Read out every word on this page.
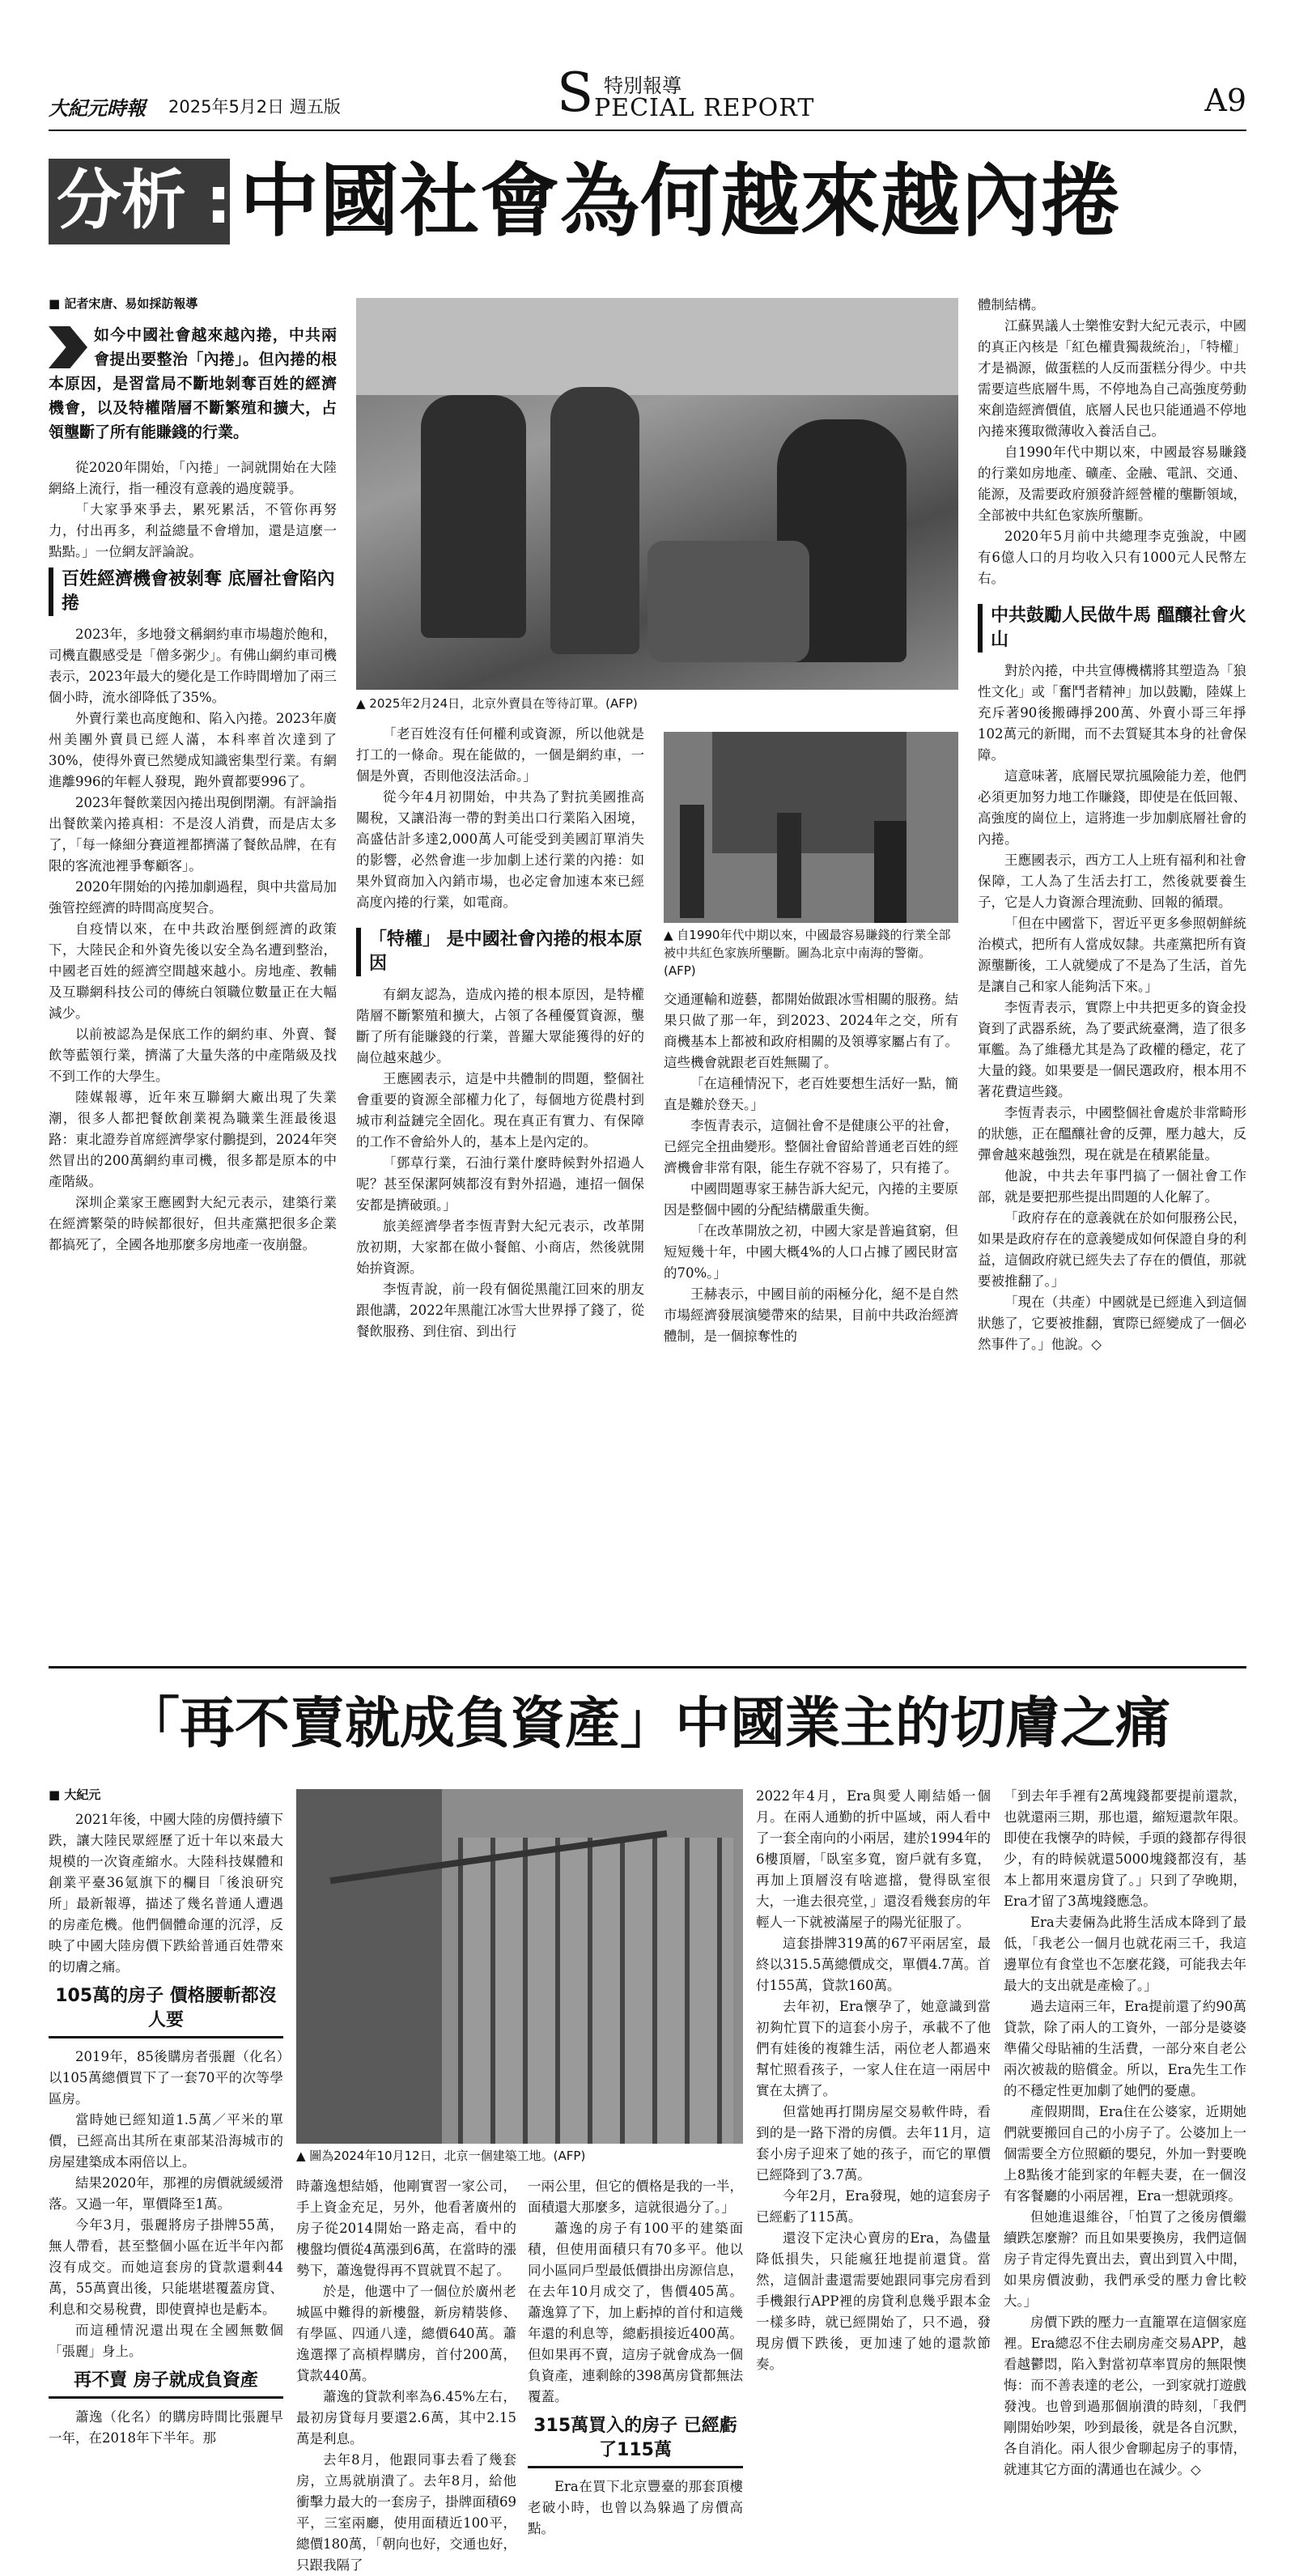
大紀元時報 2025年5月2日 週五版	S 特別報導
PECIAL REPORT	A9
分析 : 中國社會為何越來越內捲
■ 記者宋唐、易如採訪報導
如今中國社會越來越內捲，中共兩會提出要整治「內捲」。但內捲的根本原因，是習當局不斷地剝奪百姓的經濟機會，以及特權階層不斷繁殖和擴大，占領壟斷了所有能賺錢的行業。

從2020年開始，「內捲」一詞就開始在大陸網絡上流行，指一種沒有意義的過度競爭。

「大家爭來爭去，累死累活，不管你再努力，付出再多，利益總量不會增加，還是這麼一點點。」一位網友評論說。

百姓經濟機會被剝奪 底層社會陷內捲

2023年，多地發文稱網約車市場趨於飽和，司機直觀感受是「僧多粥少」。有佛山網約車司機表示，2023年最大的變化是工作時間增加了兩三個小時，流水卻降低了35%。

外賣行業也高度飽和、陷入內捲。2023年廣州美團外賣員已經人滿，本科率首次達到了30%，使得外賣已然變成知識密集型行業。有網進離996的年輕人發現，跑外賣都要996了。

2023年餐飲業因內捲出現倒閉潮。有評論指出餐飲業內捲真相：不是沒人消費，而是店太多了，「每一條細分賽道裡都擠滿了餐飲品牌，在有限的客流池裡爭奪顧客」。

2020年開始的內捲加劇過程，與中共當局加強管控經濟的時間高度契合。

自疫情以來，在中共政治壓倒經濟的政策下，大陸民企和外資先後以安全為名遭到整治，中國老百姓的經濟空間越來越小。房地產、教輔及互聯網科技公司的傳統白領職位數量正在大幅減少。

以前被認為是保底工作的網約車、外賣、餐飲等藍領行業，擠滿了大量失落的中產階級及找不到工作的大學生。

陸媒報導，近年來互聯網大廠出現了失業潮，很多人都把餐飲創業視為職業生涯最後退路：東北證券首席經濟學家付鵬提到，2024年突然冒出的200萬網約車司機，很多都是原本的中產階級。

深圳企業家王應國對大紀元表示，建築行業在經濟繁榮的時候都很好，但共產黨把很多企業都搞死了，全國各地那麼多房地產一夜崩盤。

▲ 2025年2月24日，北京外賣員在等待訂單。(AFP)

「老百姓沒有任何權利或資源，所以他就是打工的一條命。現在能做的，一個是網約車，一個是外賣，否則他沒法活命。」

從今年4月初開始，中共為了對抗美國推高關稅，又讓沿海一帶的對美出口行業陷入困境，高盛估計多達2,000萬人可能受到美國訂單消失的影響，必然會進一步加劇上述行業的內捲：如果外貿商加入內銷市場，也必定會加速本來已經高度內捲的行業，如電商。

「特權」 是中國社會內捲的根本原因

有網友認為，造成內捲的根本原因，是特權階層不斷繁殖和擴大，占領了各種優質資源，壟斷了所有能賺錢的行業，普羅大眾能獲得的好的崗位越來越少。

王應國表示，這是中共體制的問題，整個社會重要的資源全部權力化了，每個地方從農村到城市利益鏈完全固化。現在真正有實力、有保障的工作不會給外人的，基本上是內定的。

「鄧草行業，石油行業什麼時候對外招過人呢？甚至保潔阿姨都沒有對外招過，連招一個保安都是擠破頭。」

旅美經濟學者李恆青對大紀元表示，改革開放初期，大家都在做小餐館、小商店，然後就開始拚資源。

李恆青說，前一段有個從黑龍江回來的朋友跟他講，2022年黑龍江冰雪大世界掙了錢了，從餐飲服務、到住宿、到出行

▲ 自1990年代中期以來，中國最容易賺錢的行業全部被中共紅色家族所壟斷。圖為北京中南海的警衛。(AFP)

交通運輸和遊藝，都開始做跟冰雪相關的服務。結果只做了那一年，到2023、2024年之交，所有商機基本上都被和政府相關的及領導家屬占有了。這些機會就跟老百姓無關了。

「在這種情況下，老百姓要想生活好一點，簡直是難於登天。」

李恆青表示，這個社會不是健康公平的社會，已經完全扭曲變形。整個社會留給普通老百姓的經濟機會非常有限，能生存就不容易了，只有捲了。

中國問題專家王赫告訴大紀元，內捲的主要原因是整個中國的分配結構嚴重失衡。

「在改革開放之初，中國大家是普遍貧窮，但短短幾十年，中國大概4%的人口占據了國民財富的70%。」

王赫表示，中國目前的兩極分化，絕不是自然市場經濟發展演變帶來的結果，目前中共政治經濟體制，是一個掠奪性的

體制結構。

江蘇異議人士樂惟安對大紀元表示，中國的真正內核是「紅色權貴獨裁統治」，「特權」才是禍源，做蛋糕的人反而蛋糕分得少。中共需要這些底層牛馬，不停地為自己高強度勞動來創造經濟價值，底層人民也只能通過不停地內捲來獲取微薄收入養活自己。

自1990年代中期以來，中國最容易賺錢的行業如房地產、礦產、金融、電訊、交通、能源，及需要政府頒發許經營權的壟斷領域，全部被中共紅色家族所壟斷。

2020年5月前中共總理李克強說，中國有6億人口的月均收入只有1000元人民幣左右。

中共鼓勵人民做牛馬 醞釀社會火山

對於內捲，中共宣傳機構將其塑造為「狼性文化」或「奮鬥者精神」加以鼓勵，陸媒上充斥著90後搬磚掙200萬、外賣小哥三年掙102萬元的新聞，而不去質疑其本身的社會保障。

這意味著，底層民眾抗風險能力差，他們必須更加努力地工作賺錢，即使是在低回報、高強度的崗位上，這將進一步加劇底層社會的內捲。

王應國表示，西方工人上班有福利和社會保障，工人為了生活去打工，然後就要養生子，它是人力資源合理流動、回報的循環。

「但在中國當下，習近平更多參照朝鮮統治模式，把所有人當成奴隸。共產黨把所有資源壟斷後，工人就變成了不是為了生活，首先是讓自己和家人能夠活下來。」

李恆青表示，實際上中共把更多的資金投資到了武器系統，為了要武統臺灣，造了很多軍艦。為了維穩尤其是為了政權的穩定，花了大量的錢。如果要是一個民選政府，根本用不著花費這些錢。

李恆青表示，中國整個社會處於非常畸形的狀態，正在醞釀社會的反彈，壓力越大，反彈會越來越強烈，現在就是在積累能量。

他說，中共去年事門搞了一個社會工作部，就是要把那些提出問題的人化解了。

「政府存在的意義就在於如何服務公民，如果是政府存在的意義變成如何保證自身的利益，這個政府就已經失去了存在的價值，那就要被推翻了。」

「現在（共產）中國就是已經進入到這個狀態了，它要被推翻，實際已經變成了一個必然事件了。」他說。◇

「再不賣就成負資產」中國業主的切膚之痛
■ 大紀元

2021年後，中國大陸的房價持續下跌，讓大陸民眾經歷了近十年以來最大規模的一次資產縮水。大陸科技媒體和創業平臺36氪旗下的欄目「後浪研究所」最新報導，描述了幾名普通人遭遇的房產危機。他們個體命運的沉浮，反映了中國大陸房價下跌給普通百姓帶來的切膚之痛。

105萬的房子 價格腰斬都沒人要

2019年，85後購房者張麗（化名）以105萬總價買下了一套70平的次等學區房。

當時她已經知道1.5萬／平米的單價，已經高出其所在東部某沿海城市的房屋建築成本兩倍以上。

結果2020年，那裡的房價就緩緩滑落。又過一年，單價降至1萬。

今年3月，張麗將房子掛牌55萬，無人帶看，甚至整個小區在近半年內都沒有成交。而她這套房的貸款還剩44萬，55萬賣出後，只能堪堪覆蓋房貸、利息和交易稅費，即使賣掉也是虧本。

而這種情況還出現在全國無數個「張麗」身上。

再不賣 房子就成負資產

蕭逸（化名）的購房時間比張麗早一年，在2018年下半年。那

▲ 圖為2024年10月12日，北京一個建築工地。(AFP)

時蕭逸想結婚，他剛實習一家公司，手上資金充足，另外，他看著廣州的房子從2014開始一路走高，看中的樓盤均價從4萬漲到6萬，在當時的漲勢下，蕭逸覺得再不買就買不起了。

於是，他選中了一個位於廣州老城區中難得的新樓盤，新房精裝修、有學區、四通八達，總價640萬。蕭逸選擇了高槓桿購房，首付200萬，貸款440萬。

蕭逸的貸款利率為6.45%左右，最初房貸每月要還2.6萬，其中2.15萬是利息。

去年8月，他跟同事去看了幾套房，立馬就崩潰了。去年8月，給他衝擊力最大的一套房子，掛牌面積69平，三室兩廳，使用面積近100平，總價180萬，「朝向也好，交通也好，只跟我隔了

一兩公里，但它的價格是我的一半，面積還大那麼多，這就很過分了。」

蕭逸的房子有100平的建築面積，但使用面積只有70多平。他以同小區同戶型最低價掛出房源信息，在去年10月成交了，售價405萬。蕭逸算了下，加上虧掉的首付和這幾年還的利息等，總虧損接近400萬。但如果再不賣，這房子就會成為一個負資產，連剩餘的398萬房貸都無法覆蓋。

315萬買入的房子 已經虧了115萬

Era在買下北京豐臺的那套頂樓老破小時，也曾以為躲過了房價高點。

2022年4月，Era與愛人剛結婚一個月。在兩人通勤的折中區域，兩人看中了一套全南向的小兩居，建於1994年的6樓頂層，「臥室多寬，窗戶就有多寬，再加上頂層沒有啥遮擋，覺得臥室很大，一進去很亮堂，」還沒看幾套房的年輕人一下就被滿屋子的陽光征服了。

這套掛牌319萬的67平兩居室，最終以315.5萬總價成交，單價4.7萬。首付155萬，貸款160萬。

去年初，Era懷孕了，她意識到當初夠忙買下的這套小房子，承載不了他們有娃後的複雜生活，兩位老人都過來幫忙照看孩子，一家人住在這一兩居中實在太擠了。

但當她再打開房屋交易軟件時，看到的是一路下滑的房價。去年11月，這套小房子迎來了她的孩子，而它的單價已經降到了3.7萬。

今年2月，Era發現，她的這套房子已經虧了115萬。

還沒下定決心賣房的Era，為儘量降低損失，只能瘋狂地提前還貸。當然，這個計畫還需要她跟同事完房看到手機銀行APP裡的房貸利息幾乎跟本金一樣多時，就已經開始了，只不過，發現房價下跌後，更加速了她的還款節奏。

「到去年手裡有2萬塊錢都要提前還款，也就還兩三期，那也還，縮短還款年限。即使在我懷孕的時候，手頭的錢都存得很少，有的時候就還5000塊錢都沒有，基本上都用來還房貸了。」只到了孕晚期，Era才留了3萬塊錢應急。

Era夫妻倆為此將生活成本降到了最低，「我老公一個月也就花兩三千，我這邊單位有食堂也不怎麼花錢，可能我去年最大的支出就是產檢了。」

過去這兩三年，Era提前還了約90萬貸款，除了兩人的工資外，一部分是婆婆準備父母貼補的生活費，一部分來自老公兩次被裁的賠償金。所以，Era先生工作的不穩定性更加劇了她們的憂慮。

產假期間，Era住在公婆家，近期她們就要搬回自己的小房子了。公婆加上一個需要全方位照顧的嬰兒，外加一對要晚上8點後才能到家的年輕夫妻，在一個沒有客餐廳的小兩居裡，Era一想就頭疼。

但她進退維谷，「怕買了之後房價繼續跌怎麼辦？而且如果要換房，我們這個房子肯定得先賣出去，賣出到買入中間，如果房價波動，我們承受的壓力會比較大。」

房價下跌的壓力一直籠罩在這個家庭裡。Era總忍不住去刷房產交易APP，越看越鬱悶，陷入對當初草率買房的無限懊悔：而不善表達的老公，一到家就打遊戲發洩。也曾到過那個崩潰的時刻，「我們剛開始吵架，吵到最後，就是各自沉默，各自消化。兩人很少會聊起房子的事情，就連其它方面的溝通也在減少。◇
